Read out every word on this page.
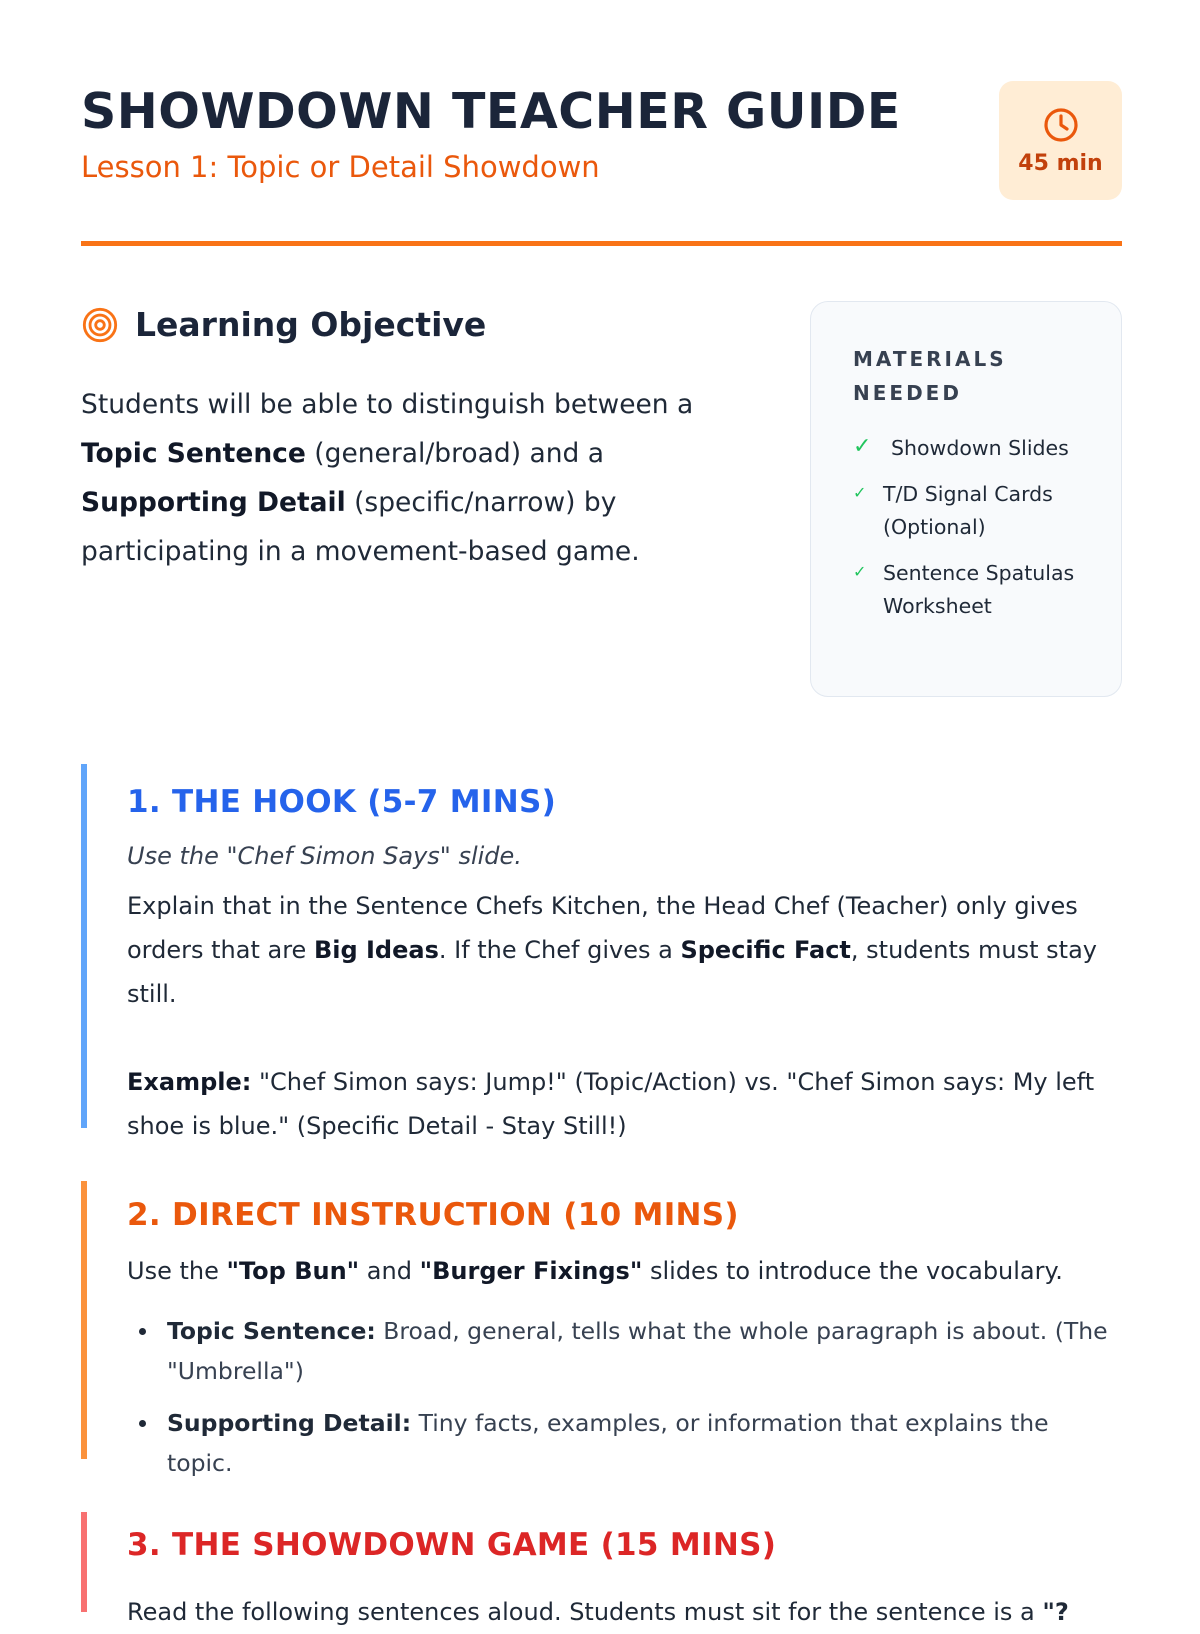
SHOWDOWN TEACHER GUIDE
Lesson 1: Topic or Detail Showdown	45 min
Learning Objective
Students will be able to distinguish between a Topic Sentence (general/broad) and a Supporting Detail (specific/narrow) by participating in a movement-based game.
MATERIALS NEEDED
✓ Showdown Slides
✓ T/D Signal Cards (Optional)
✓ Sentence Spatulas Worksheet
1. THE HOOK (5-7 MINS)
Use the "Chef Simon Says" slide.
Explain that in the Sentence Chefs Kitchen, the Head Chef (Teacher) only gives orders that are Big Ideas. If the Chef gives a Specific Fact, students must stay still.

Example: "Chef Simon says: Jump!" (Topic/Action) vs. "Chef Simon says: My left shoe is blue." (Specific Detail - Stay Still!)
2. DIRECT INSTRUCTION (10 MINS)
Use the "Top Bun" and "Burger Fixings" slides to introduce the vocabulary.
Topic Sentence: Broad, general, tells what the whole paragraph is about. (The "Umbrella")
Supporting Detail: Tiny facts, examples, or information that explains the topic.
3. THE SHOWDOWN GAME (15 MINS)
Read the following sentences aloud. Students must sit for the sentence is a "?
